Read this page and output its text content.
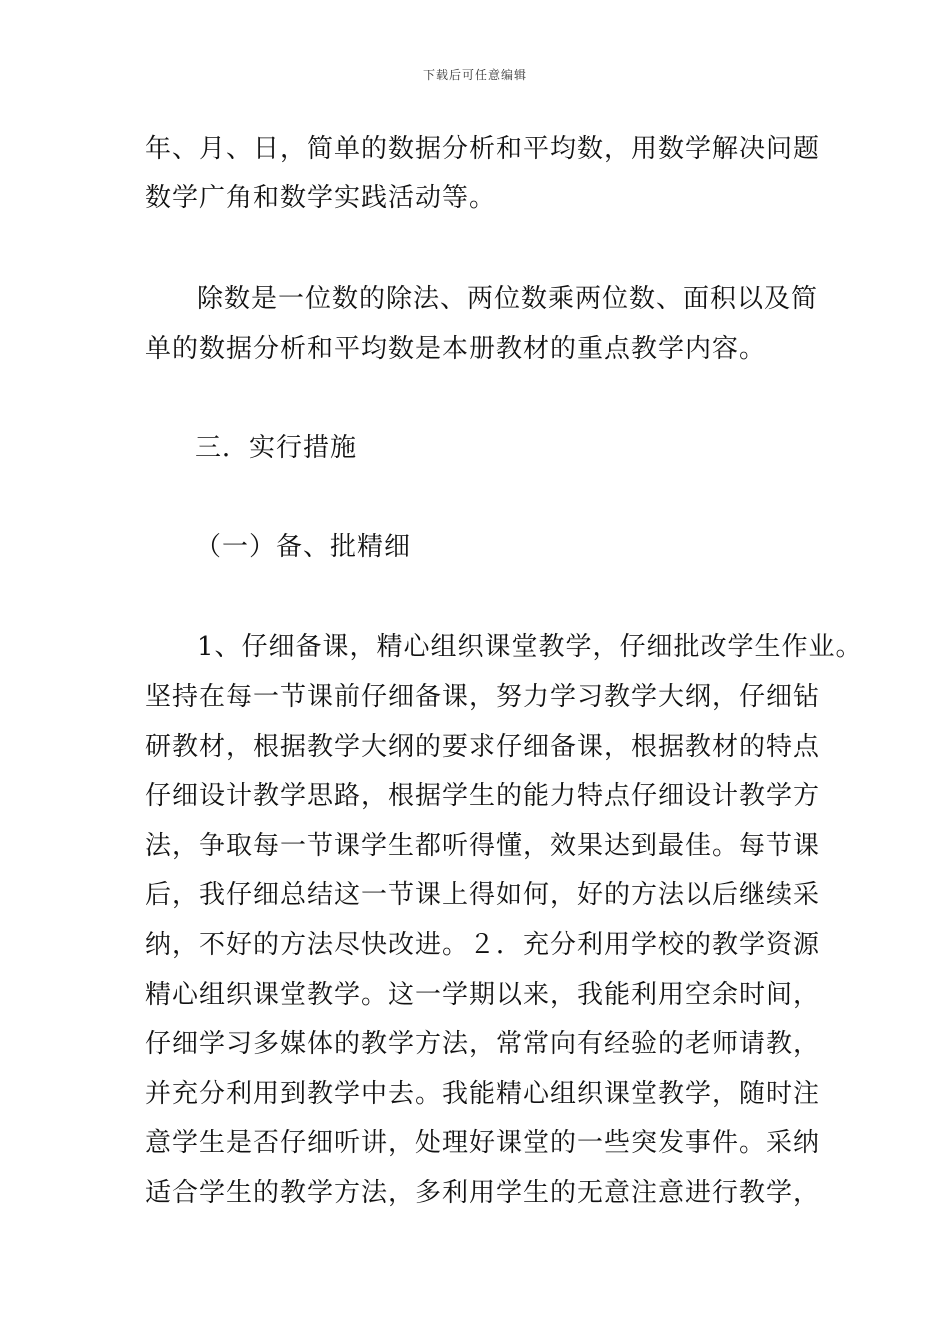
下载后可任意编辑
年、月、日，简单的数据分析和平均数，用数学解决问题
数学广角和数学实践活动等。
除数是一位数的除法、两位数乘两位数、面积以及简
单的数据分析和平均数是本册教材的重点教学内容。
三．实行措施
（一）备、批精细
1、仔细备课，精心组织课堂教学，仔细批改学生作业。
坚持在每一节课前仔细备课，努力学习教学大纲，仔细钻
研教材，根据教学大纲的要求仔细备课，根据教材的特点
仔细设计教学思路，根据学生的能力特点仔细设计教学方
法，争取每一节课学生都听得懂，效果达到最佳。每节课
后，我仔细总结这一节课上得如何，好的方法以后继续采
纳，不好的方法尽快改进。２．充分利用学校的教学资源
精心组织课堂教学。这一学期以来，我能利用空余时间，
仔细学习多媒体的教学方法，常常向有经验的老师请教，
并充分利用到教学中去。我能精心组织课堂教学，随时注
意学生是否仔细听讲，处理好课堂的一些突发事件。采纳
适合学生的教学方法，多利用学生的无意注意进行教学，
